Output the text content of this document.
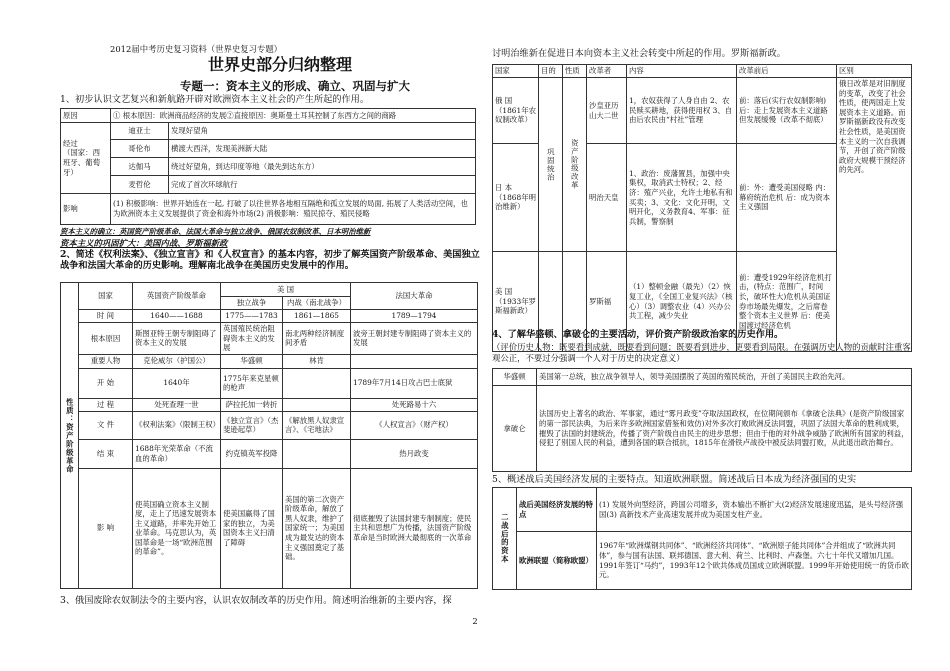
2012届中考历史复习资料（世界史复习专题）
世界史部分归纳整理
专题一：资本主义的形成、确立、巩固与扩大
1、初步认识文艺复兴和新航路开辟对欧洲资本主义社会的产生所起的作用。
原因	① 根本原因：欧洲商品经济的发展②直接原因：奥斯曼土耳其控制了东西方之间的商路	

经过
（国家：西
班牙、葡萄
牙）	迪亚士	发现好望角
	哥伦布	横渡大西洋，发现美洲新大陆
	达伽马	绕过好望角，到达印度等地（最先到达东方）
	麦哲伦	完成了首次环球航行
影响	(1) 积极影响：世界开始连在一起, 打破了以往世界各地相互隔绝和孤立发展的局面, 拓展了人类活动空间，也为欧洲资本主义发展提供了资金和海外市场(2) 消极影响：殖民掠夺、殖民侵略	
资本主义的确立：英国资产阶级革命、法国大革命与独立战争、俄国农奴制改革、日本明治维新
资本主义的巩固扩大：美国内战、罗斯福新政
2、简述《权利法案》、《独立宣言》和《人权宣言》的基本内容，初步了解英国资产阶级革命、美国独立战争和法国大革命的历史影响。理解南北战争在美国历史发展中的作用。
性质：资产阶级革命	国家	英国资产阶级革命	美 国		法国大革命
			独立战争	内战（南北战争）	
	时 间	1640——1688	1775——1783	1861—1865	1789—1794
	根本原因	斯图亚特王朝专制阻碍了资本主义的发展	英国殖民统治阻碍资本主义的发展	南北两种经济制度间矛盾	波旁王朝封建专制阻碍了资本主义的发展
	重要人物	克伦威尔（护国公）	华盛顿	林肯	
	开 始	1640年	1775年来克星顿的枪声		1789年7月14日攻占巴士底狱
	过 程	处死查理一世	萨拉托加一转折		处死路易十六
	文 件	《权利法案》（限制王权）	《独立宣言》（杰斐逊起草）	《解放黑人奴隶宣言》、《宅地法》	《人权宣言》（财产权）
	结 束	1688年光荣革命（不流血的革命）	约克镇英军投降		热月政变
	影 响	使英国确立资本主义制度，走上了迅速发展资本主义道路，并率先开始工业革命。马克思认为，英国革命是一场“欧洲范围的革命”。	使美国赢得了国家的独立，为美国资本主义扫清了障碍	美国的第二次资产阶级革命，解放了黑人奴隶，维护了国家统一；为美国成为最发达的资本主义强国奠定了基础。	彻底摧毁了法国封建专制制度；使民主共和思想广为传播，法国资产阶级革命是当时欧洲大最彻底的一次革命
3、俄国废除农奴制法令的主要内容，认识农奴制改革的历史作用。简述明治维新的主要内容，探
讨明治维新在促进日本向资本主义社会转变中所起的作用。罗斯福新政。
国家	目的	性质	改革者	内容	改革前后	区别
俄 国（1861年农奴制改革）	巩固统治	资产阶级改革	沙皇亚历山大二世	1，农奴获得了人身自由 2、农民赎买耕地，获得使用权 3、自由后农民由“村社”管理	前：落后(实行农奴制影响)后：走上发展资本主义道路但发展缓慢（改革不彻底）	俄日改革是对旧制度的变革，改变了社会性质，使两国走上发展资本主义道路。而罗斯福新政没有改变社会性质，是美国资本主义的一次自我调节，开创了资产阶级政府大规模干预经济的先河。
日 本（1868年明治维新）			明治天皇	1、政治：废藩置县，加强中央集权，取消武士特权；2、经济：殖产兴业，允许土地私有和买卖；3、文化：文化开明，文明开化，义务教育4、军事：征兵制，警察制	前：外：遭受美国侵略 内：幕府统治危机 后：成为资本主义强国	
美 国（1933年罗斯福新政）			罗斯福	（1）整顿金融（最先）（2）恢复工业，《全国工业复兴法》（核心）（3）调整农业（4）兴办公共工程，减少失业	前：遭受1929年经济危机打击，(特点：范围广，时间长，破坏性大)危机从美国证券市场最先爆发，之后席卷整个资本主义世界 后：使美国渡过经济危机	
4、了解华盛顿、拿破仑的主要活动，评价资产阶级政治家的历史作用。
（评价历史人物：既要看到成就，既要看到问题；既要看到进步，更要看到局限。在强调历史人物的贡献时注重客观公正，不要过分强调一个人对于历史的决定意义）
华盛顿	美国第一总统，独立战争领导人，领导美国摆脱了英国的殖民统治，开创了美国民主政治先河。
拿破仑	法国历史上著名的政治、军事家，通过“雾月政变”夺取法国政权，在位期间颁布《拿破仑法典》(是资产阶级国家的第一部民法典，为后来许多欧洲国家借鉴和效仿)对外多次打败欧洲反法同盟，巩固了法国大革命的胜利成果，摧毁了法国的封建统治，传播了资产阶级自由民主的进步思想；但由于他的对外战争威胁了欧洲所有国家的利益，侵犯了别国人民的利益，遭到各国的联合抵抗，1815年在滑铁卢战役中被反法同盟打败，从此退出政治舞台。
5、概述战后美国经济发展的主要特点。知道欧洲联盟。简述战后日本成为经济强国的史实
二战后的资本	战后美国经济发展的特点	(1) 发展外向型经济，跨国公司增多，资本输出不断扩大(2)经济发展速度迅猛，是头号经济强国(3) 高新技术产业高速发展并成为美国支柱产业。
	欧洲联盟（简称欧盟）	1967年“欧洲煤钢共同体”、“欧洲经济共同体”、“欧洲原子能共同体”合并组成了“欧洲共同体”，参与国有法国、联邦德国、意大利、荷兰、比利时、卢森堡。六七十年代又增加几国。1991年签订“马约”，1993年12个欧共体成员国成立欧洲联盟。1999年开始使用统一的货币欧元。
2
